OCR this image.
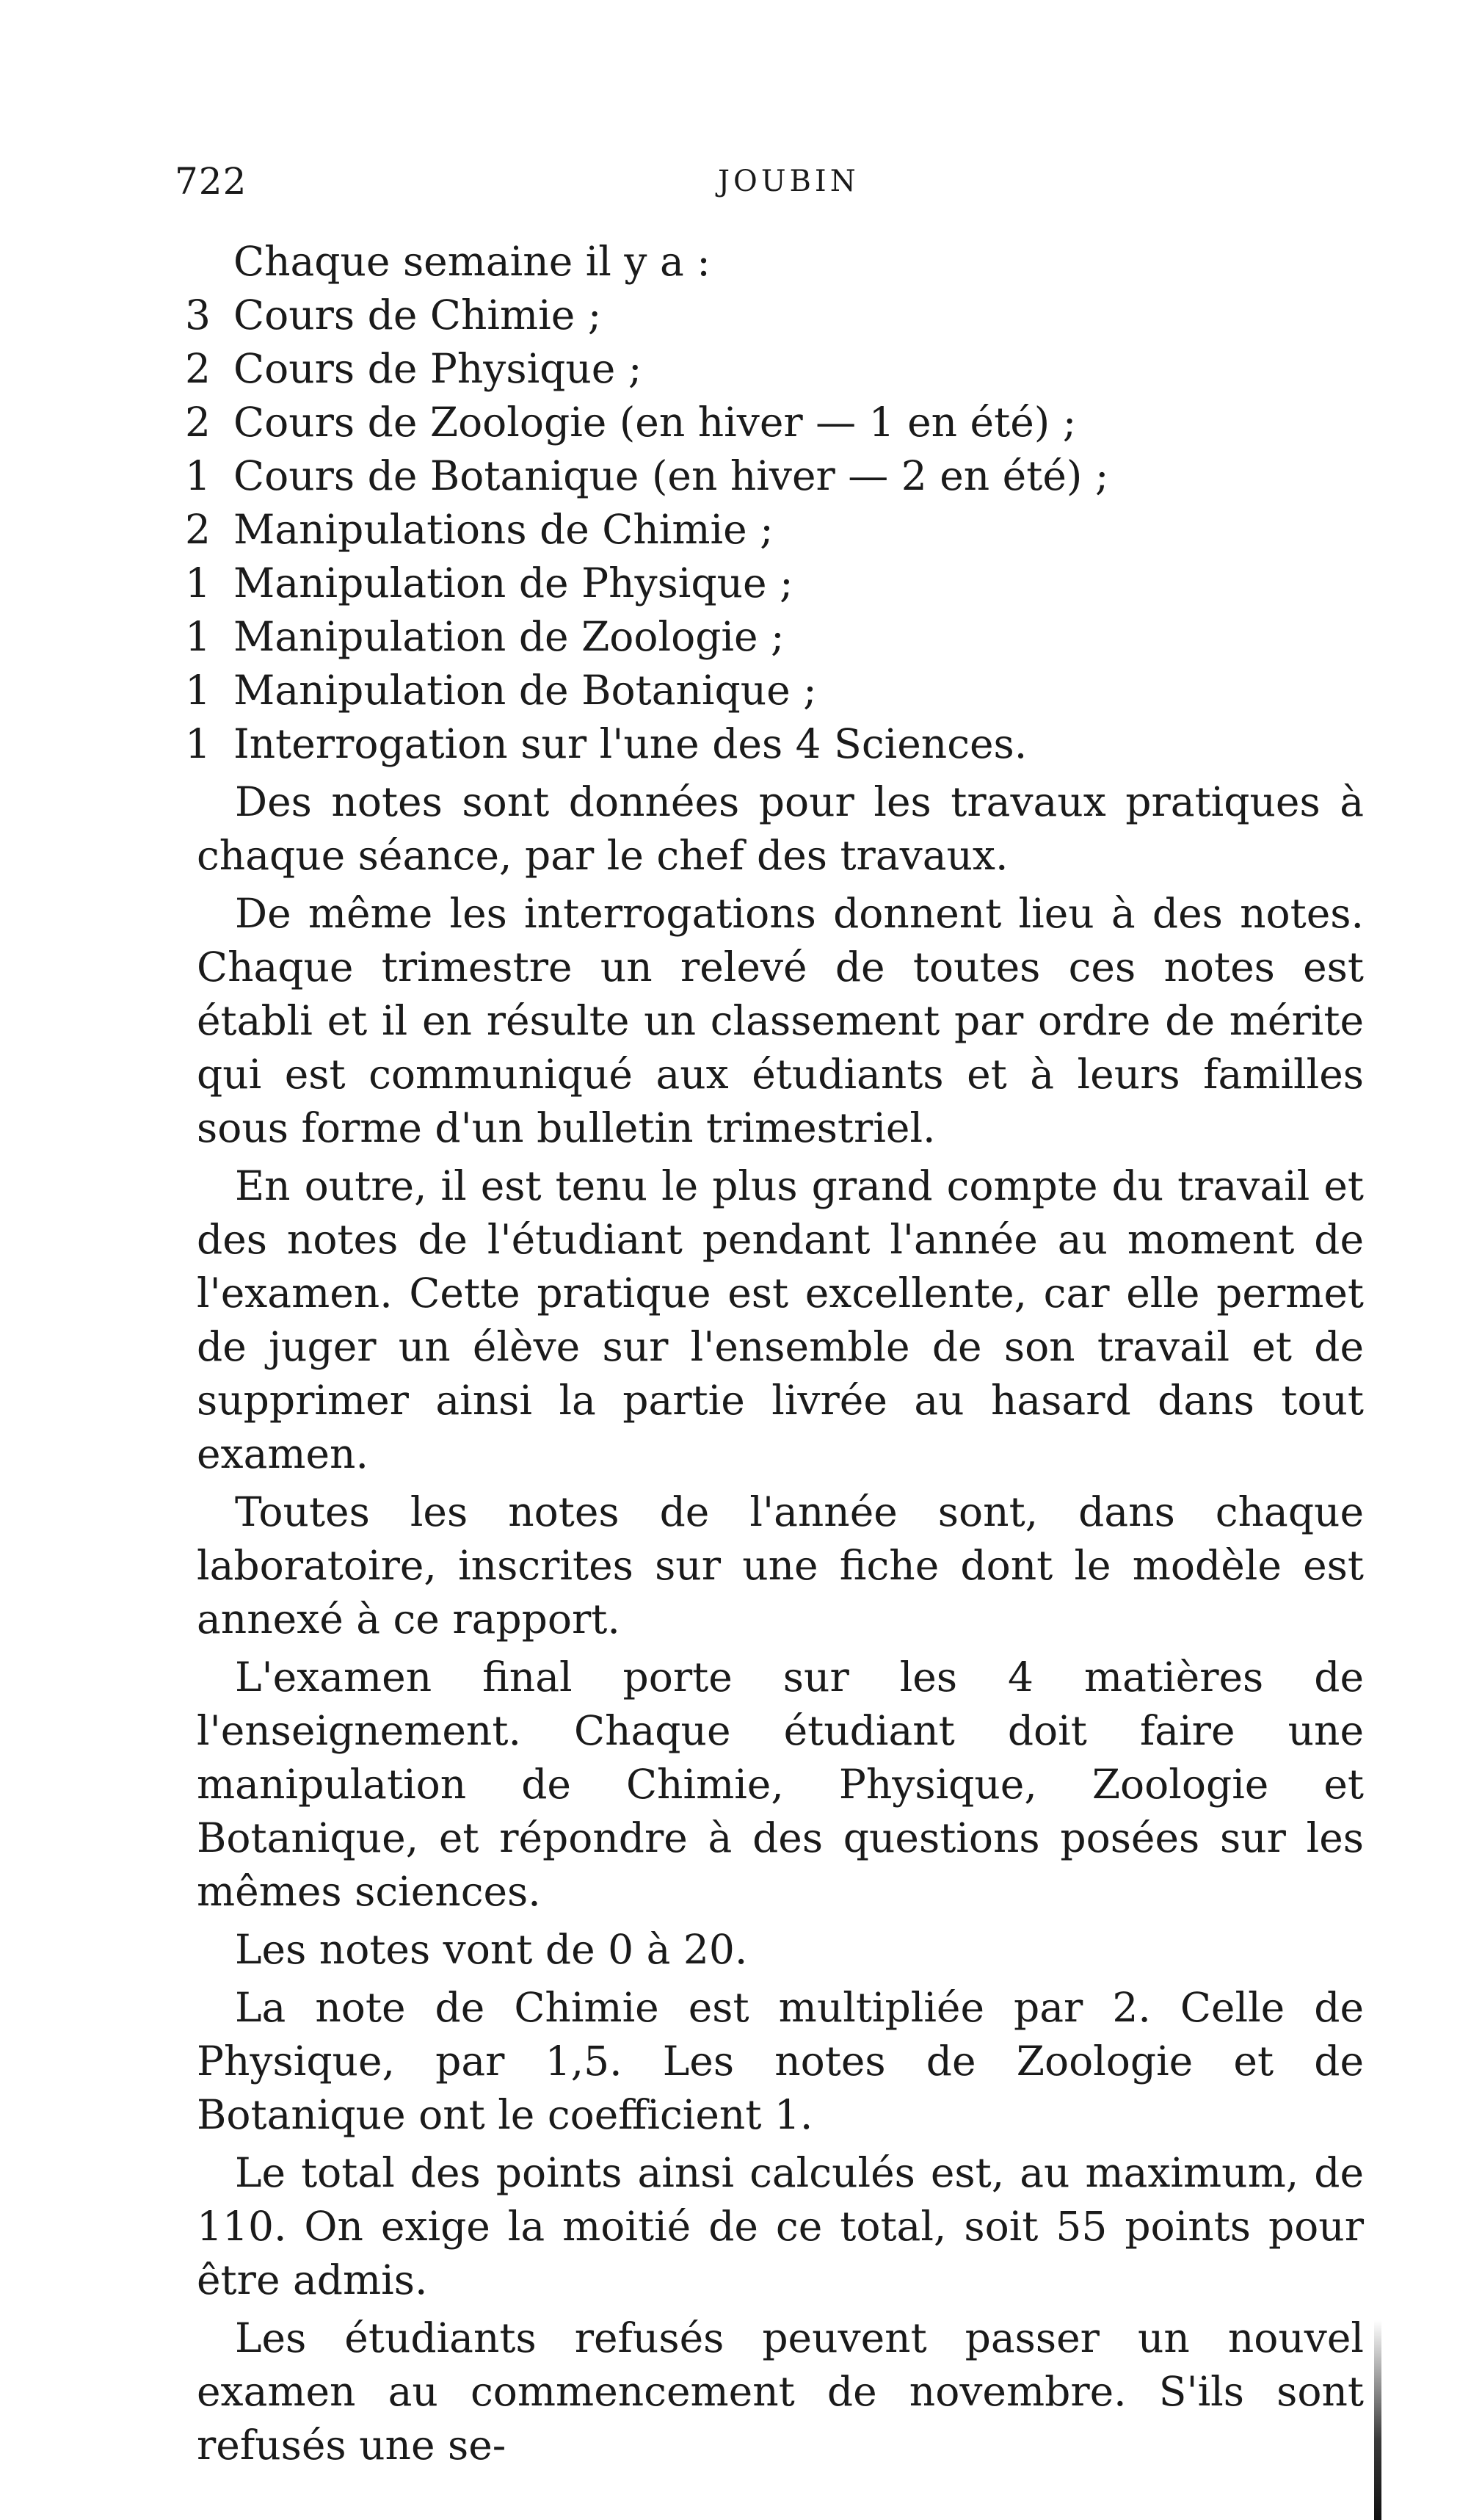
722	JOUBIN
Chaque semaine il y a :
3 Cours de Chimie ;
2 Cours de Physique ;
2 Cours de Zoologie (en hiver — 1 en été) ;
1 Cours de Botanique (en hiver — 2 en été) ;
2 Manipulations de Chimie ;
1 Manipulation de Physique ;
1 Manipulation de Zoologie ;
1 Manipulation de Botanique ;
1 Interrogation sur l'une des 4 Sciences.

Des notes sont données pour les travaux pratiques à chaque séance, par le chef des travaux.

De même les interrogations donnent lieu à des notes. Chaque trimestre un relevé de toutes ces notes est établi et il en résulte un classement par ordre de mérite qui est communiqué aux étudiants et à leurs familles sous forme d'un bulletin trimestriel.

En outre, il est tenu le plus grand compte du travail et des notes de l'étudiant pendant l'année au moment de l'examen. Cette pratique est excellente, car elle permet de juger un élève sur l'ensemble de son travail et de supprimer ainsi la partie livrée au hasard dans tout examen.

Toutes les notes de l'année sont, dans chaque laboratoire, inscrites sur une fiche dont le modèle est annexé à ce rapport.

L'examen final porte sur les 4 matières de l'enseignement. Chaque étudiant doit faire une manipulation de Chimie, Physique, Zoologie et Botanique, et répondre à des questions posées sur les mêmes sciences.

Les notes vont de 0 à 20.

La note de Chimie est multipliée par 2. Celle de Physique, par 1,5. Les notes de Zoologie et de Botanique ont le coefficient 1.

Le total des points ainsi calculés est, au maximum, de 110. On exige la moitié de ce total, soit 55 points pour être admis.

Les étudiants refusés peuvent passer un nouvel examen au commencement de novembre. S'ils sont refusés une se-
